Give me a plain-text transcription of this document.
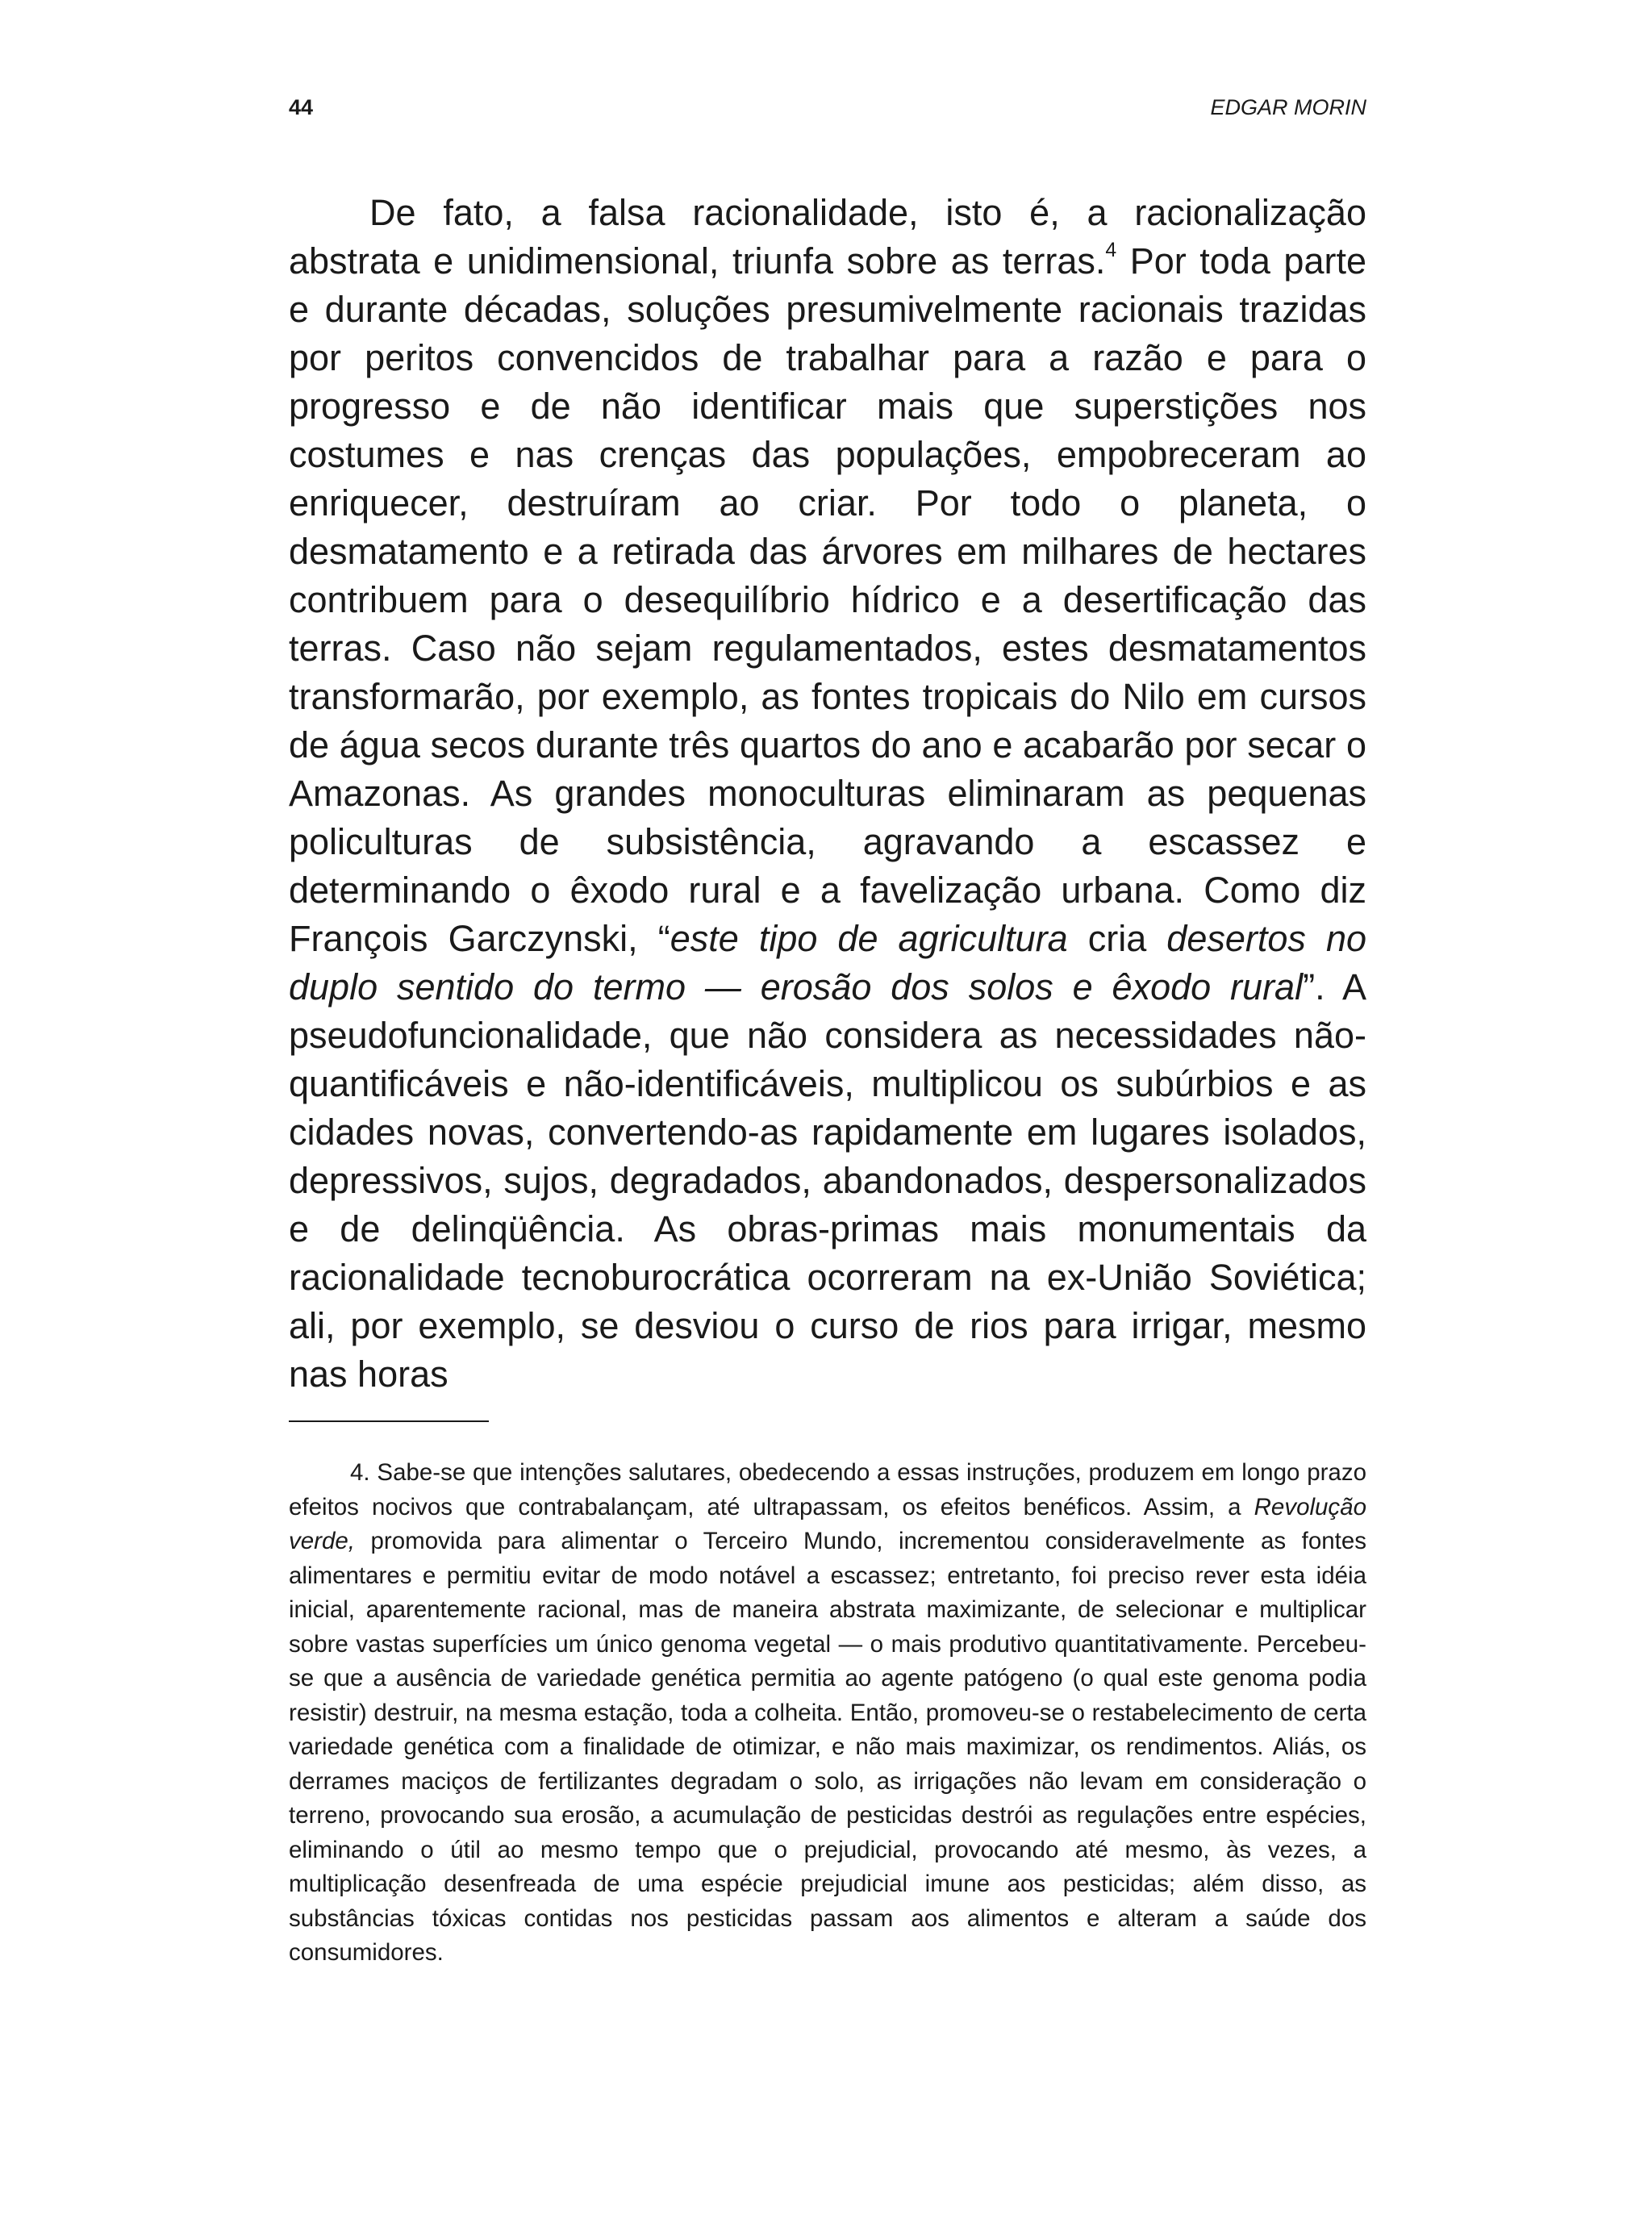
44	EDGAR MORIN

De fato, a falsa racionalidade, isto é, a racionalização abstrata e unidimensional, triunfa sobre as terras.$^4$ Por toda parte e durante décadas, soluções presumivelmente racionais trazidas por peritos convencidos de trabalhar para a razão e para o progresso e de não identificar mais que superstições nos costumes e nas crenças das populações, empobreceram ao enriquecer, destruíram ao criar. Por todo o planeta, o desmatamento e a retirada das árvores em milhares de hectares contribuem para o desequilíbrio hídrico e a desertificação das terras. Caso não sejam regulamentados, estes desmatamentos transformarão, por exemplo, as fontes tropicais do Nilo em cursos de água secos durante três quartos do ano e acabarão por secar o Amazonas. As grandes monoculturas eliminaram as pequenas policulturas de subsistência, agravando a escassez e determinando o êxodo rural e a favelização urbana. Como diz François Garczynski, “este tipo de agricultura cria desertos no duplo sentido do termo — erosão dos solos e êxodo rural”. A pseudofuncionalidade, que não considera as necessidades não-quantificáveis e não-identificáveis, multiplicou os subúrbios e as cidades novas, convertendo-as rapidamente em lugares isolados, depressivos, sujos, degradados, abandonados, despersonalizados e de delinqüência. As obras-primas mais monumentais da racionalidade tecnoburocrática ocorreram na ex-União Soviética; ali, por exemplo, se desviou o curso de rios para irrigar, mesmo nas horas

4. Sabe-se que intenções salutares, obedecendo a essas instruções, produzem em longo prazo efeitos nocivos que contrabalançam, até ultrapassam, os efeitos benéficos. Assim, a Revolução verde, promovida para alimentar o Terceiro Mundo, incrementou consideravelmente as fontes alimentares e permitiu evitar de modo notável a escassez; entretanto, foi preciso rever esta idéia inicial, aparentemente racional, mas de maneira abstrata maximizante, de selecionar e multiplicar sobre vastas superfícies um único genoma vegetal — o mais produtivo quantitativamente. Percebeu-se que a ausência de variedade genética permitia ao agente patógeno (o qual este genoma podia resistir) destruir, na mesma estação, toda a colheita. Então, promoveu-se o restabelecimento de certa variedade genética com a finalidade de otimizar, e não mais maximizar, os rendimentos. Aliás, os derrames maciços de fertilizantes degradam o solo, as irrigações não levam em consideração o terreno, provocando sua erosão, a acumulação de pesticidas destrói as regulações entre espécies, eliminando o útil ao mesmo tempo que o prejudicial, provocando até mesmo, às vezes, a multiplicação desenfreada de uma espécie prejudicial imune aos pesticidas; além disso, as substâncias tóxicas contidas nos pesticidas passam aos alimentos e alteram a saúde dos consumidores.
